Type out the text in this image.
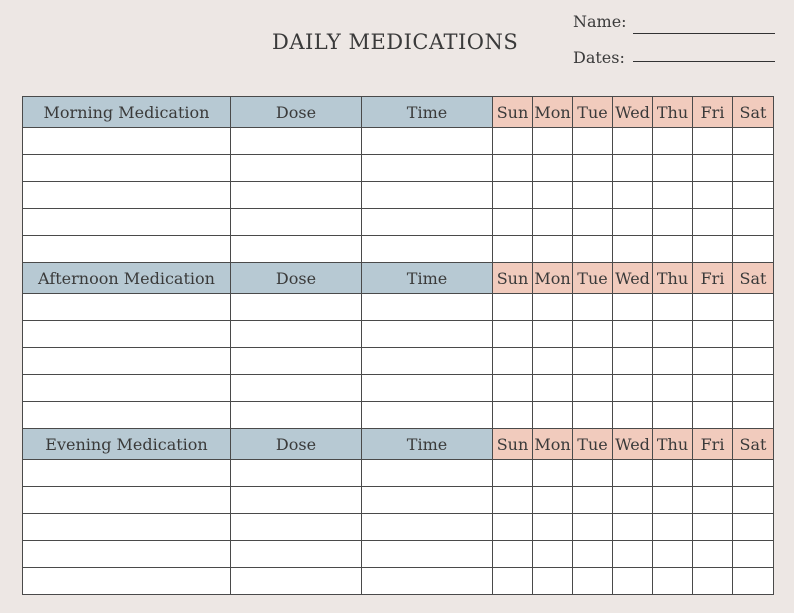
DAILY MEDICATIONS
Name:
Dates:
Morning Medication	Dose	Time	Sun	Mon	Tue	Wed	Thu	Fri	Sat

Afternoon Medication	Dose	Time	Sun	Mon	Tue	Wed	Thu	Fri	Sat

Evening Medication	Dose	Time	Sun	Mon	Tue	Wed	Thu	Fri	Sat
